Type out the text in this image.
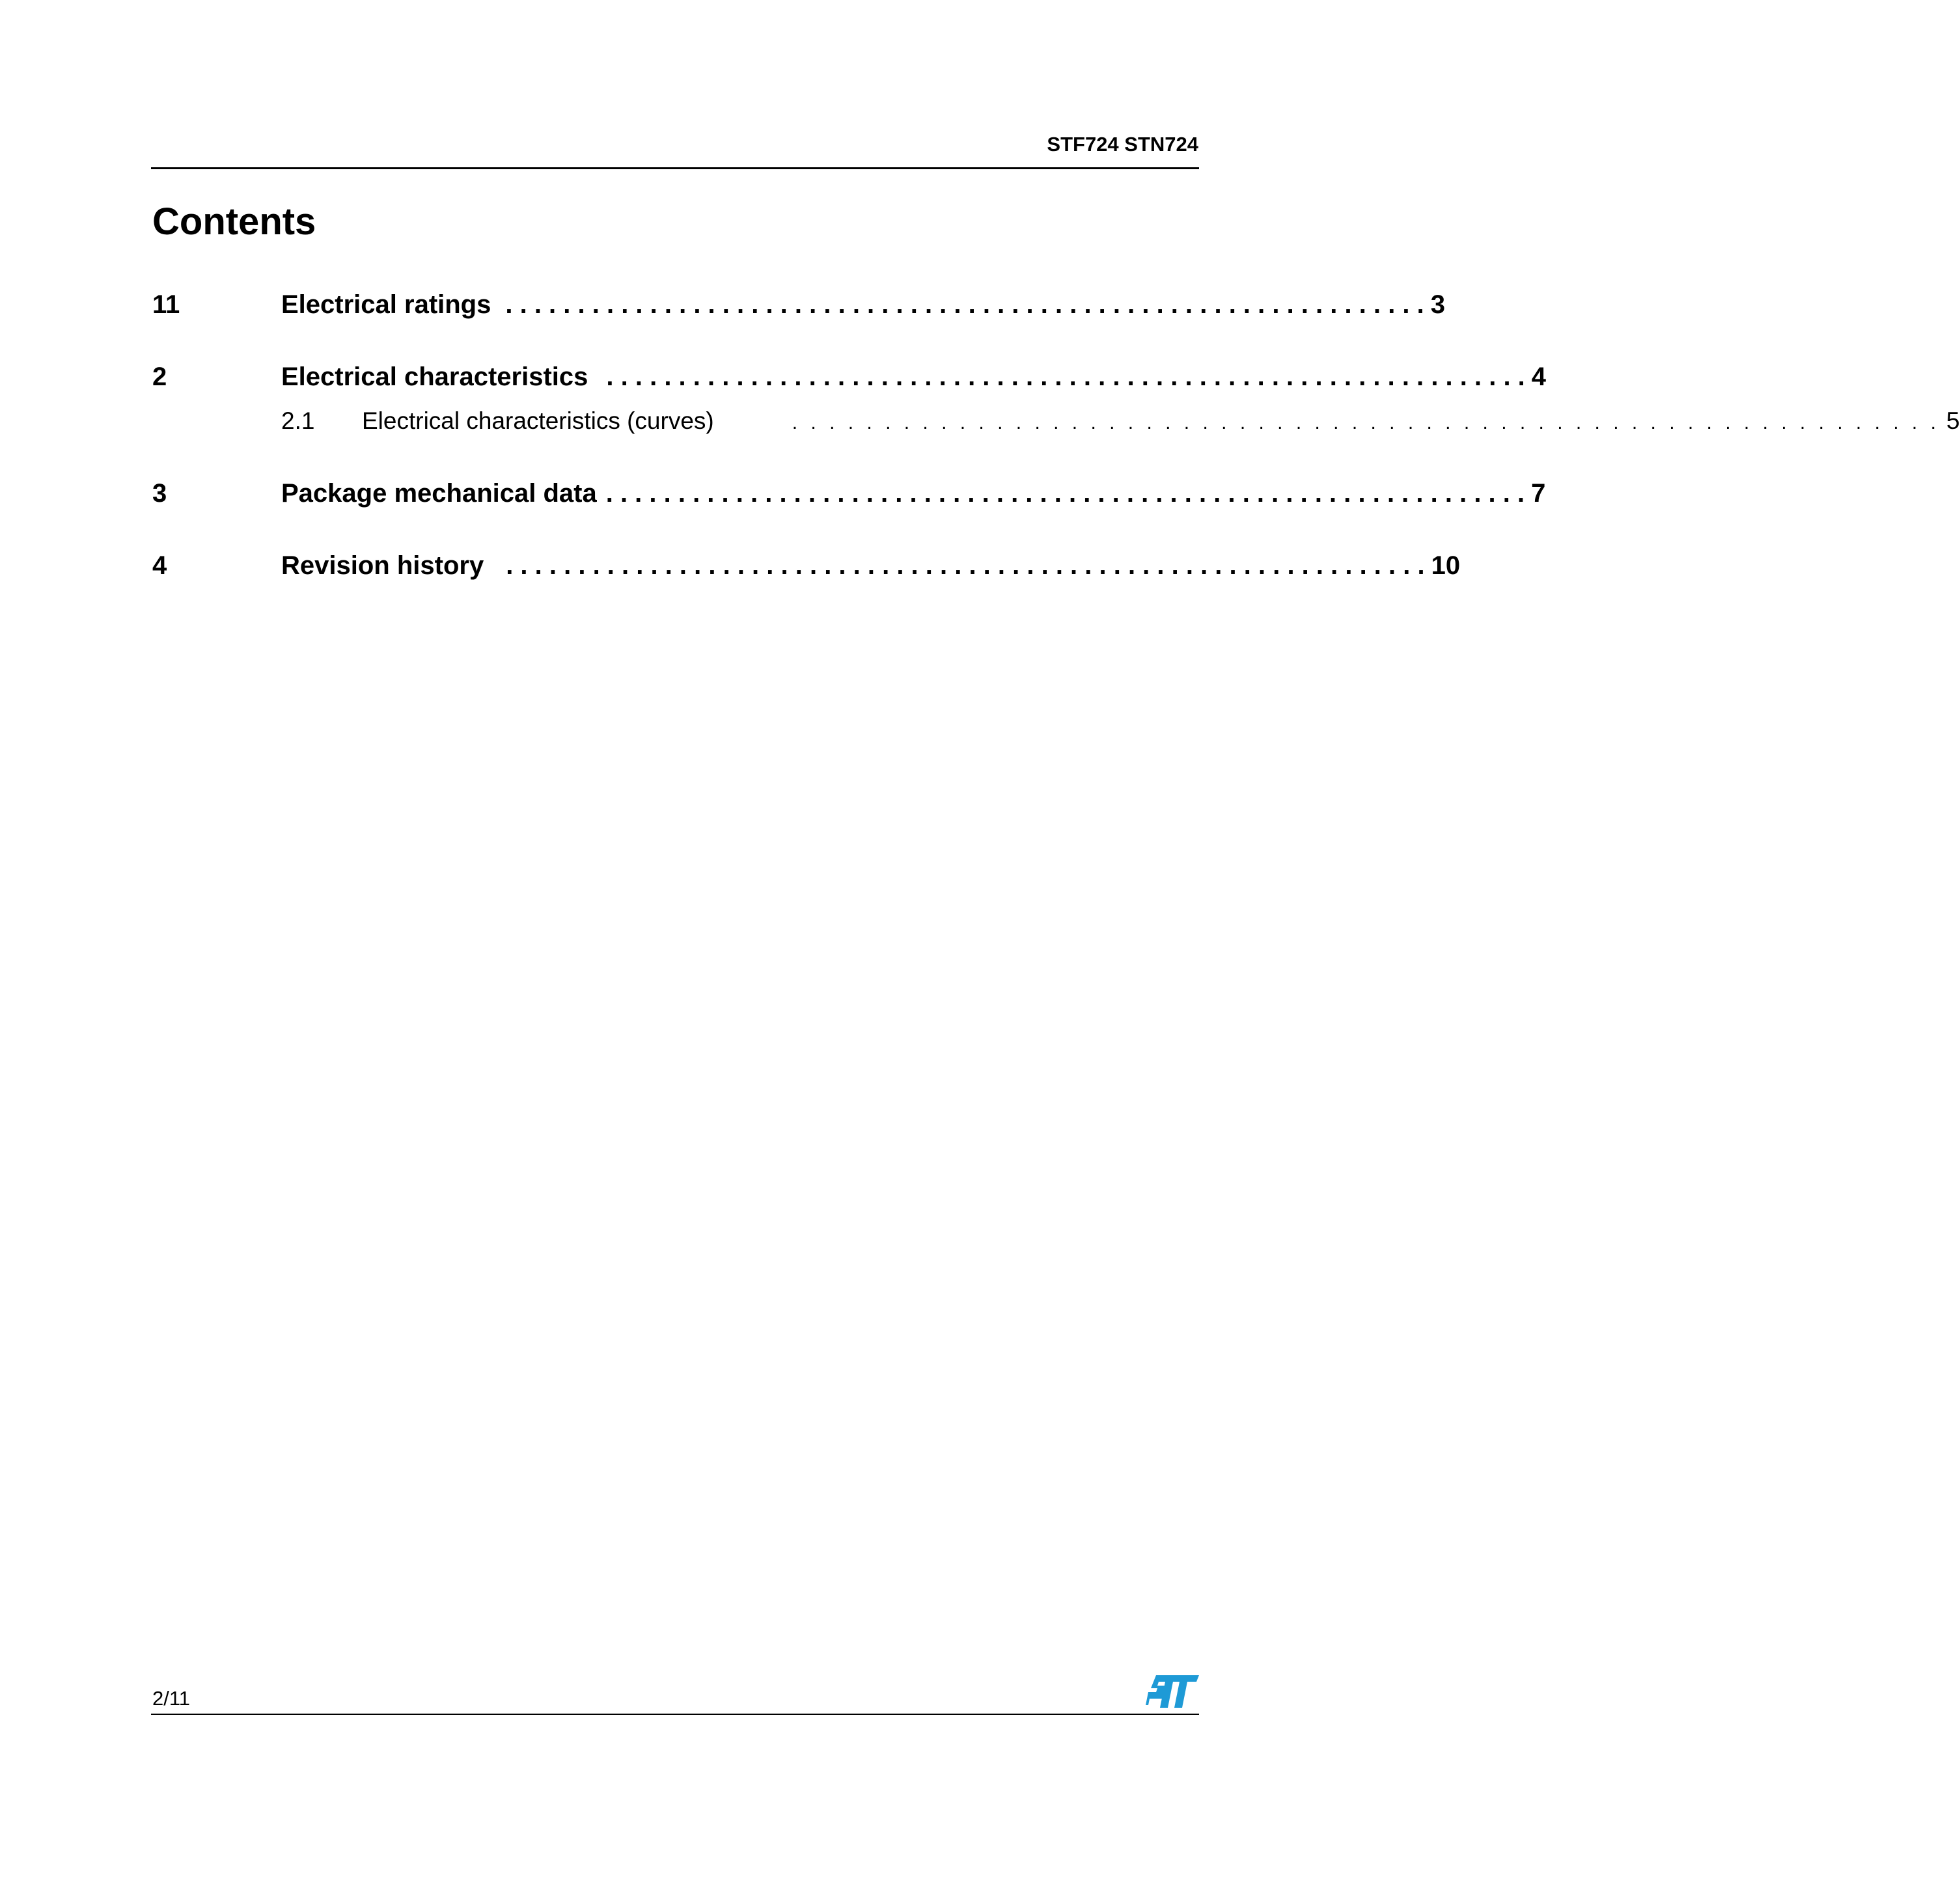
STF724 STN724
Contents
11	Electrical ratings . . . . . . . . . . . . . . . . . . . . . . . . . . . . . . . . . . . . . . . . . . . . . . . . . . . . . . . . . . . . . . . . 3
2	Electrical characteristics . . . . . . . . . . . . . . . . . . . . . . . . . . . . . . . . . . . . . . . . . . . . . . . . . . . . . . . . . . . . . . . . 4
2.1 Electrical characteristics (curves)	. . . . . . . . . . . . . . . . . . . . . . . . . . . . . . . . . . . . . . . . . . . . . . . . . . . . . . . . . . . . . . 5
3	Package mechanical data . . . . . . . . . . . . . . . . . . . . . . . . . . . . . . . . . . . . . . . . . . . . . . . . . . . . . . . . . . . . . . . . 7
4	Revision history . . . . . . . . . . . . . . . . . . . . . . . . . . . . . . . . . . . . . . . . . . . . . . . . . . . . . . . . . . . . . . . . 10
2/11
